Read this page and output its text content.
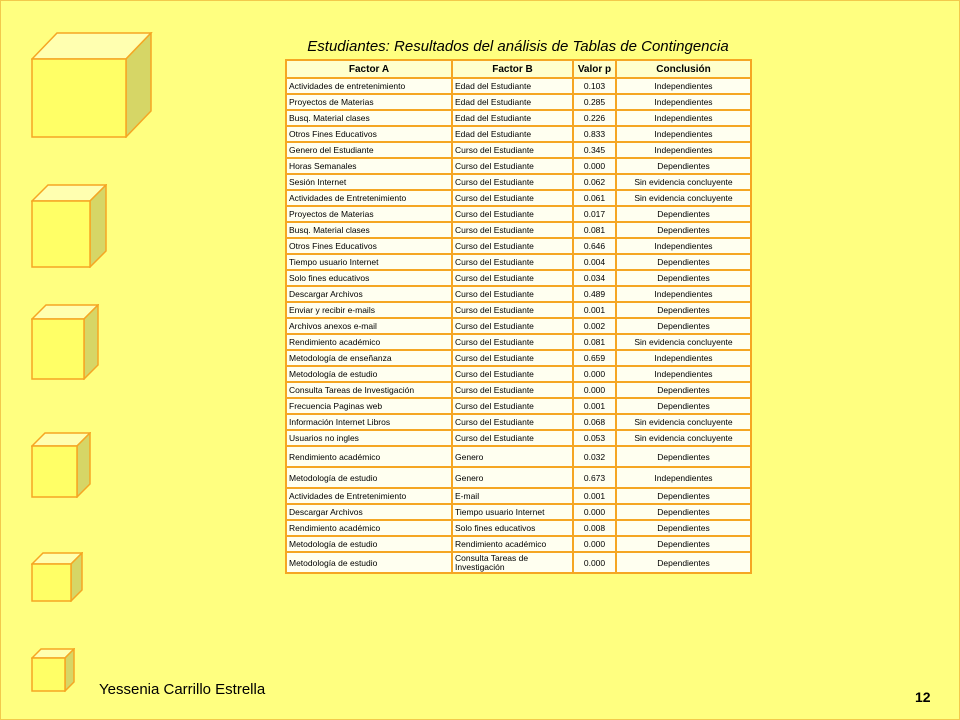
Estudiantes: Resultados del análisis de Tablas de Contingencia
Factor A	Factor B	Valor p	Conclusión
Actividades de entretenimiento	Edad del Estudiante	0.103	Independientes
Proyectos de Materias	Edad del Estudiante	0.285	Independientes
Busq. Material clases	Edad del Estudiante	0.226	Independientes
Otros Fines Educativos	Edad del Estudiante	0.833	Independientes
Genero del Estudiante	Curso del Estudiante	0.345	Independientes
Horas Semanales	Curso del Estudiante	0.000	Dependientes
Sesión Internet	Curso del Estudiante	0.062	Sin evidencia concluyente
Actividades de Entretenimiento	Curso del Estudiante	0.061	Sin evidencia concluyente
Proyectos de Materias	Curso del Estudiante	0.017	Dependientes
Busq. Material clases	Curso del Estudiante	0.081	Dependientes
Otros Fines Educativos	Curso del Estudiante	0.646	Independientes
Tiempo usuario Internet	Curso del Estudiante	0.004	Dependientes
Solo fines educativos	Curso del Estudiante	0.034	Dependientes
Descargar Archivos	Curso del Estudiante	0.489	Independientes
Enviar y recibir e-mails	Curso del Estudiante	0.001	Dependientes
Archivos anexos e-mail	Curso del Estudiante	0.002	Dependientes
Rendimiento académico	Curso del Estudiante	0.081	Sin evidencia concluyente
Metodología de enseñanza	Curso del Estudiante	0.659	Independientes
Metodología de estudio	Curso del Estudiante	0.000	Independientes
Consulta Tareas de Investigación	Curso del Estudiante	0.000	Dependientes
Frecuencia Paginas web	Curso del Estudiante	0.001	Dependientes
Información Internet Libros	Curso del Estudiante	0.068	Sin evidencia concluyente
Usuarios no ingles	Curso del Estudiante	0.053	Sin evidencia concluyente
Rendimiento académico	Genero	0.032	Dependientes
Metodología de estudio	Genero	0.673	Independientes
Actividades de Entretenimiento	E-mail	0.001	Dependientes
Descargar Archivos	Tiempo usuario Internet	0.000	Dependientes
Rendimiento académico	Solo fines educativos	0.008	Dependientes
Metodología de estudio	Rendimiento académico	0.000	Dependientes
Metodología de estudio	Consulta Tareas de Investigación	0.000	Dependientes
Yessenia Carrillo Estrella	12
